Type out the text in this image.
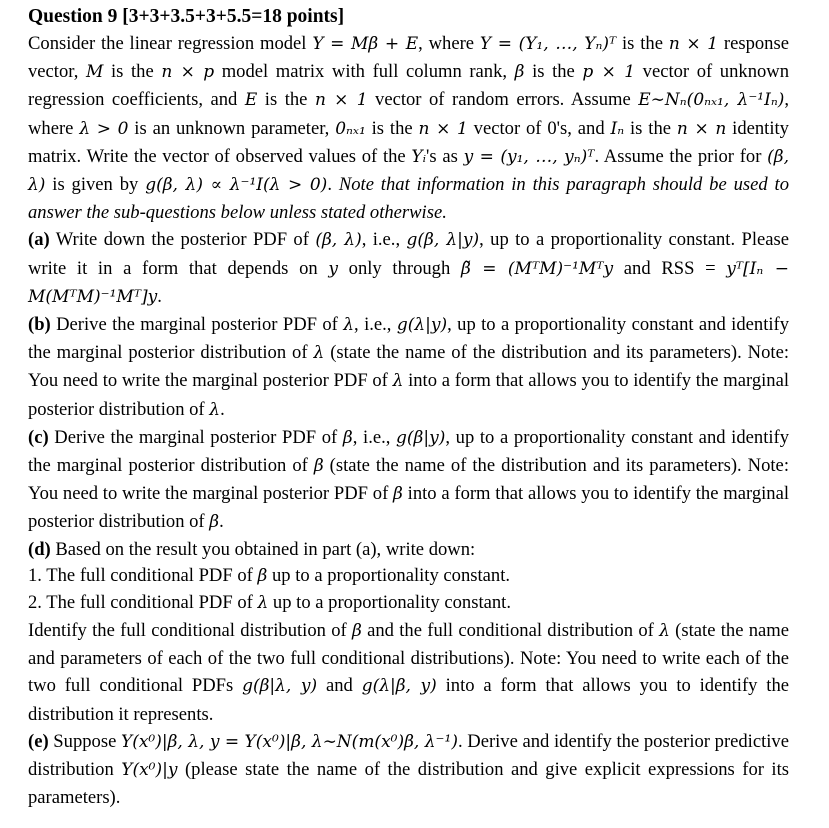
Question 9 [3+3+3.5+3+5.5=18 points]

Consider the linear regression model Y = Mβ + E, where Y = (Y₁, …, Yₙ)ᵀ is the n × 1 response vector, M is the n × p model matrix with full column rank, β is the p × 1 vector of unknown regression coefficients, and E is the n × 1 vector of random errors. Assume E∼Nₙ(0ₙₓ₁, λ⁻¹Iₙ), where λ > 0 is an unknown parameter, 0ₙₓ₁ is the n × 1 vector of 0's, and Iₙ is the n × n identity matrix. Write the vector of observed values of the Yᵢ's as y = (y₁, …, yₙ)ᵀ. Assume the prior for (β, λ) is given by g(β, λ) ∝ λ⁻¹I(λ > 0). Note that information in this paragraph should be used to answer the sub-questions below unless stated otherwise.

(a) Write down the posterior PDF of (β, λ), i.e., g(β, λ|y), up to a proportionality constant. Please write it in a form that depends on y only through β̃ = (MᵀM)⁻¹Mᵀy and RSS = yᵀ[Iₙ − M(MᵀM)⁻¹Mᵀ]y.

(b) Derive the marginal posterior PDF of λ, i.e., g(λ|y), up to a proportionality constant and identify the marginal posterior distribution of λ (state the name of the distribution and its parameters). Note: You need to write the marginal posterior PDF of λ into a form that allows you to identify the marginal posterior distribution of λ.

(c) Derive the marginal posterior PDF of β, i.e., g(β|y), up to a proportionality constant and identify the marginal posterior distribution of β (state the name of the distribution and its parameters). Note: You need to write the marginal posterior PDF of β into a form that allows you to identify the marginal posterior distribution of β.

(d) Based on the result you obtained in part (a), write down:

1. The full conditional PDF of β up to a proportionality constant.

2. The full conditional PDF of λ up to a proportionality constant.

Identify the full conditional distribution of β and the full conditional distribution of λ (state the name and parameters of each of the two full conditional distributions). Note: You need to write each of the two full conditional PDFs g(β|λ, y) and g(λ|β, y) into a form that allows you to identify the distribution it represents.

(e) Suppose Y(x⁰)|β, λ, y = Y(x⁰)|β, λ∼N(m(x⁰)β, λ⁻¹). Derive and identify the posterior predictive distribution Y(x⁰)|y (please state the name of the distribution and give explicit expressions for its parameters).
